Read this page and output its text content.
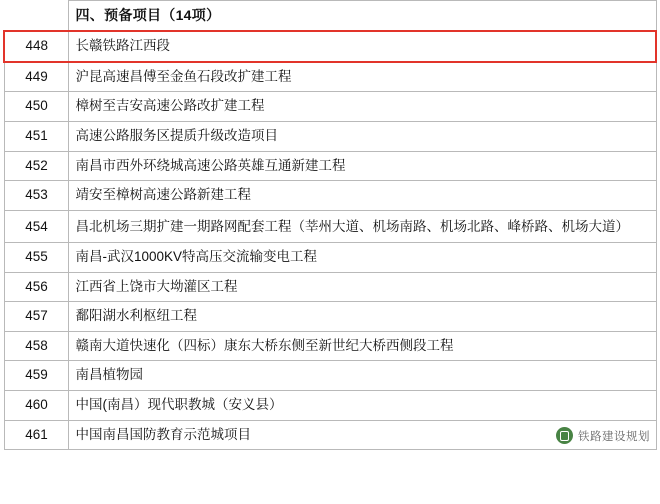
	四、预备项目（14项）
448	长赣铁路江西段
449	沪昆高速昌傅至金鱼石段改扩建工程
450	樟树至吉安高速公路改扩建工程
451	高速公路服务区提质升级改造项目
452	南昌市西外环绕城高速公路英雄互通新建工程
453	靖安至樟树高速公路新建工程
454	昌北机场三期扩建一期路网配套工程（莘州大道、机场南路、机场北路、峰桥路、机场大道）
455	南昌-武汉1000KV特高压交流输变电工程
456	江西省上饶市大坳灌区工程
457	鄱阳湖水利枢纽工程
458	赣南大道快速化（四标）康东大桥东侧至新世纪大桥西侧段工程
459	南昌植物园
460	中国(南昌）现代职教城（安义县）
461	中国南昌国防教育示范城项目	铁路建设规划
